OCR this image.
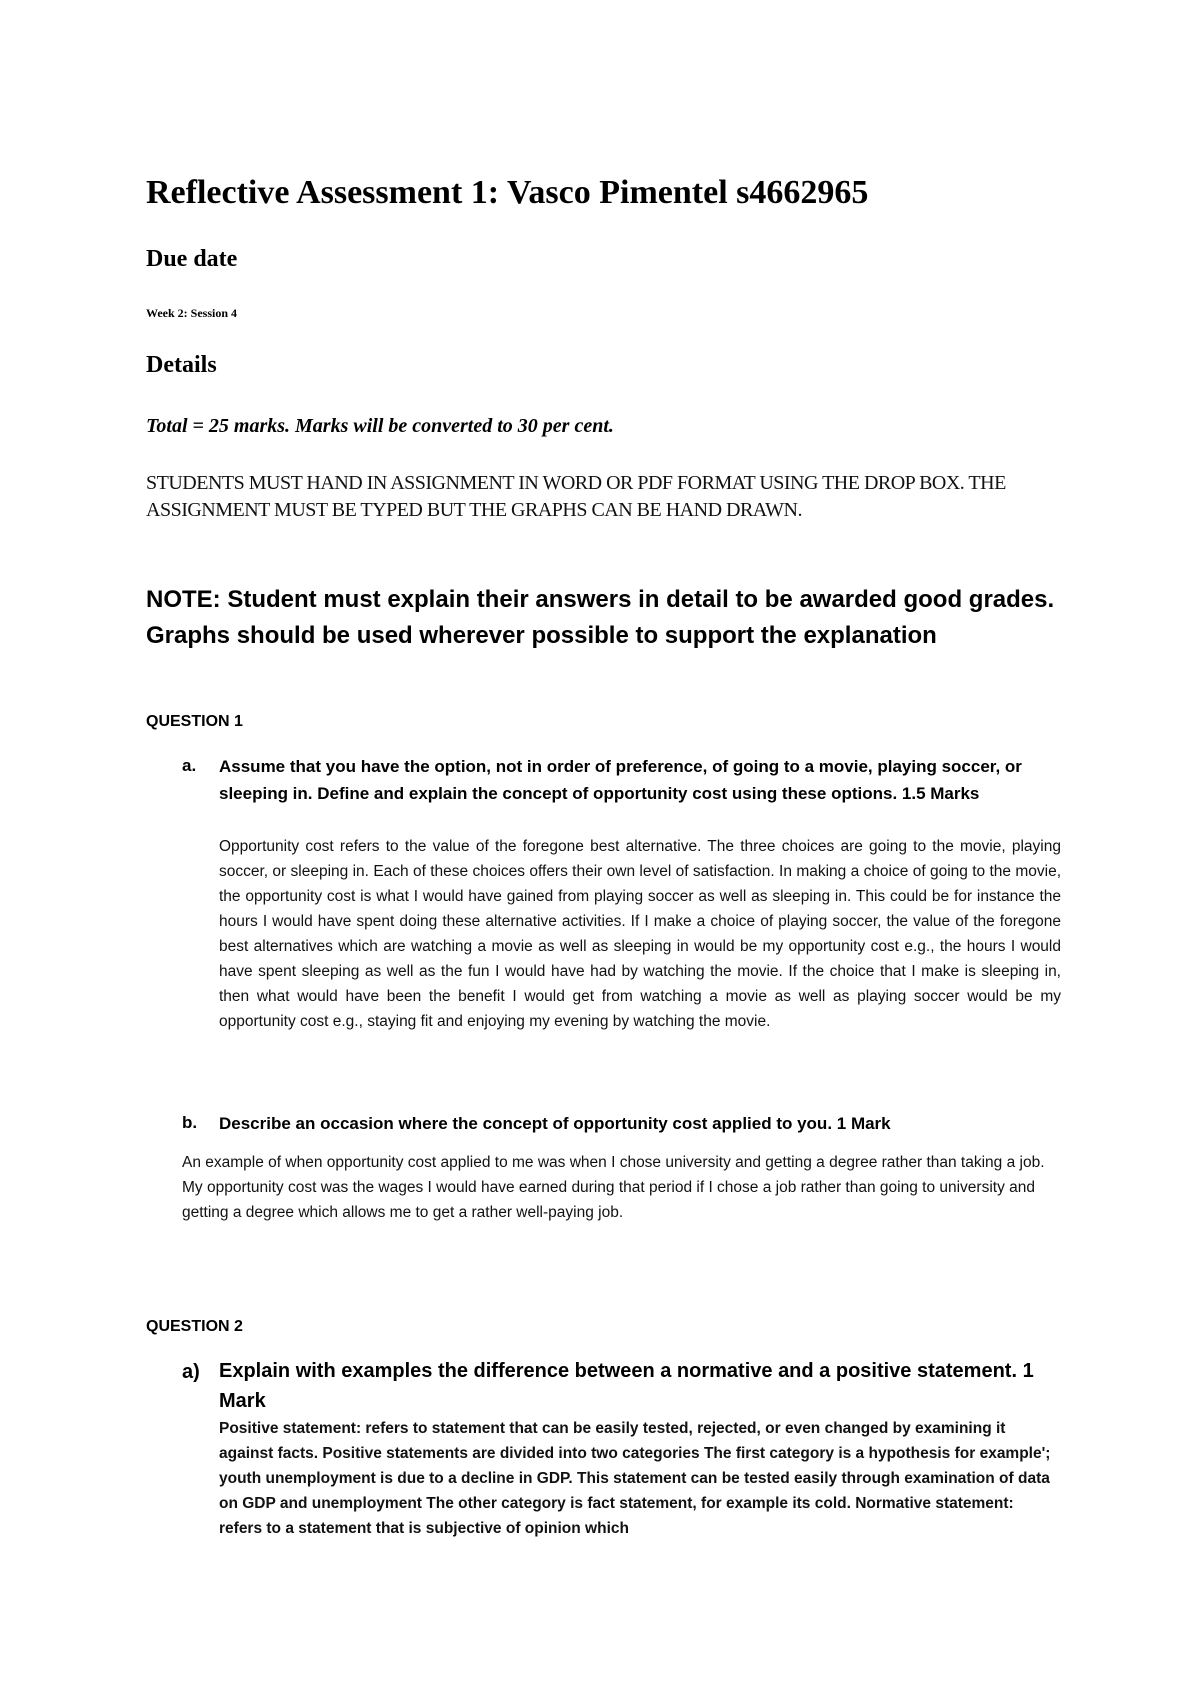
Reflective Assessment 1: Vasco Pimentel s4662965
Due date

Week 2: Session 4

Details

Total = 25 marks. Marks will be converted to 30 per cent.

STUDENTS MUST HAND IN ASSIGNMENT IN WORD OR PDF FORMAT USING THE DROP BOX. THE ASSIGNMENT MUST BE TYPED BUT THE GRAPHS CAN BE HAND DRAWN.

NOTE: Student must explain their answers in detail to be awarded good grades. Graphs should be used wherever possible to support the explanation

QUESTION 1

a. Assume that you have the option, not in order of preference, of going to a movie, playing soccer, or sleeping in. Define and explain the concept of opportunity cost using these options. 1.5 Marks

Opportunity cost refers to the value of the foregone best alternative. The three choices are going to the movie, playing soccer, or sleeping in. Each of these choices offers their own level of satisfaction. In making a choice of going to the movie, the opportunity cost is what I would have gained from playing soccer as well as sleeping in. This could be for instance the hours I would have spent doing these alternative activities. If I make a choice of playing soccer, the value of the foregone best alternatives which are watching a movie as well as sleeping in would be my opportunity cost e.g., the hours I would have spent sleeping as well as the fun I would have had by watching the movie. If the choice that I make is sleeping in, then what would have been the benefit I would get from watching a movie as well as playing soccer would be my opportunity cost e.g., staying fit and enjoying my evening by watching the movie.

b. Describe an occasion where the concept of opportunity cost applied to you. 1 Mark

An example of when opportunity cost applied to me was when I chose university and getting a degree rather than taking a job. My opportunity cost was the wages I would have earned during that period if I chose a job rather than going to university and getting a degree which allows me to get a rather well-paying job.

QUESTION 2

a) Explain with examples the difference between a normative and a positive statement. 1 Mark

Positive statement: refers to statement that can be easily tested, rejected, or even changed by examining it against facts. Positive statements are divided into two categories The first category is a hypothesis for example'; youth unemployment is due to a decline in GDP. This statement can be tested easily through examination of data on GDP and unemployment The other category is fact statement, for example its cold. Normative statement: refers to a statement that is subjective of opinion which
